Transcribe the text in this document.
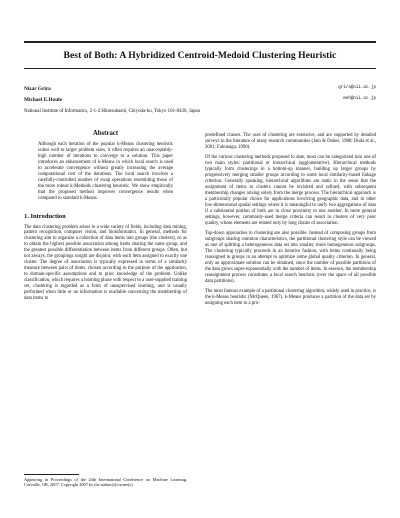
Best of Both: A Hybridized Centroid-Medoid Clustering Heuristic
Nizar Grira	grira@nii.ac.jp
Michael E.Houle	meh@nii.ac.jp
National Institute of Informatics, 2-1-2 Hitotsubashi, Chiyoda-ku, Tokyo 101-8430, Japan
Abstract

Although each iteration of the popular k-Means clustering heuristic scales well to larger problem sizes, it often requires an unacceptably-high number of iterations to converge to a solution. This paper introduces an enhancement of k-Means in which local search is used to accelerate convergence without greatly increasing the average computational cost of the iterations. The local search involves a carefully-controlled number of swap operations resembling those of the more robust k-Medoids clustering heuristic. We show empirically that the proposed method improves convergence results when compared to standard k-Means.

1. Introduction

The data clustering problem arises in a wide variety of fields, including data mining, pattern recognition, computer vision, and bioinformatics. In general, methods for clustering aim to organize a collection of data items into groups (the clusters), so as to obtain the highest possible association among items sharing the same group, and the greatest possible differentiation between items from different groups. Often, but not always, the groupings sought are disjoint, with each item assigned to exactly one cluster. The degree of association is typically expressed in terms of a similarity measure between pairs of items, chosen according to the purpose of the application, to domain-specific assumptions and to prior knowledge of the problem. Unlike classification, which requires a learning phase with respect to a user-supplied training set, clustering is regarded as a form of unsupervised learning, and is usually performed when little or no information is available concerning the membership of data items to

Appearing in Proceedings of the 24th International Conference on Machine Learning, Corvallis, OR, 2007. Copyright 2007 by the author(s)/owner(s).

predefined classes. The uses of clustering are extensive, and are supported by detailed surveys in the literature of many research communities (Jain & Dubes, 1988; Duda et al., 2001; Fukunaga, 1990).

Of the various clustering methods proposed to date, most can be categorized into one of two main styles: partitional or hierarchical (agglomerative). Hierarchical methods typically form clusterings in a bottom-up manner, building up larger groups by progressively merging smaller groups according to some local similarity-based linkage criterion. Generally speaking, hierarchical algorithms are static in the sense that the assignment of items to clusters cannot be revisited and refined, with subsequent membership changes arising solely from the merge process. The hierarchical approach is a particularly popular choice for applications involving geographic data, and in other low-dimensional spatial settings where it is meaningful to unify two aggregations of data if a substantial portion of both are in close proximity to one another. In more general settings, however, commonly-used merge criteria can result in clusters of very poor quality, whose elements are related only by long chains of association.

Top-down approaches to clustering are also possible. Instead of composing groups from subgroups sharing common characteristics, the partitional clustering style can be viewed as one of splitting a heterogeneous data set into smaller, more homogeneous subgroups. The clustering typically proceeds in an iterative fashion, with items continually being reassigned to groups in an attempt to optimize some global quality criterion. In general, only an approximate solution can be obtained, since the number of possible partitions of the data grows super-exponentially with the number of items. In essence, the membership reassignment process constitutes a local search heuristic (over the space of all possible data partitions).

The most famous example of a partitional clustering algorithm, widely used in practice, is the k-Means heuristic (McQueen, 1967). k-Means produces a partition of the data set by assigning each item to a pro-
